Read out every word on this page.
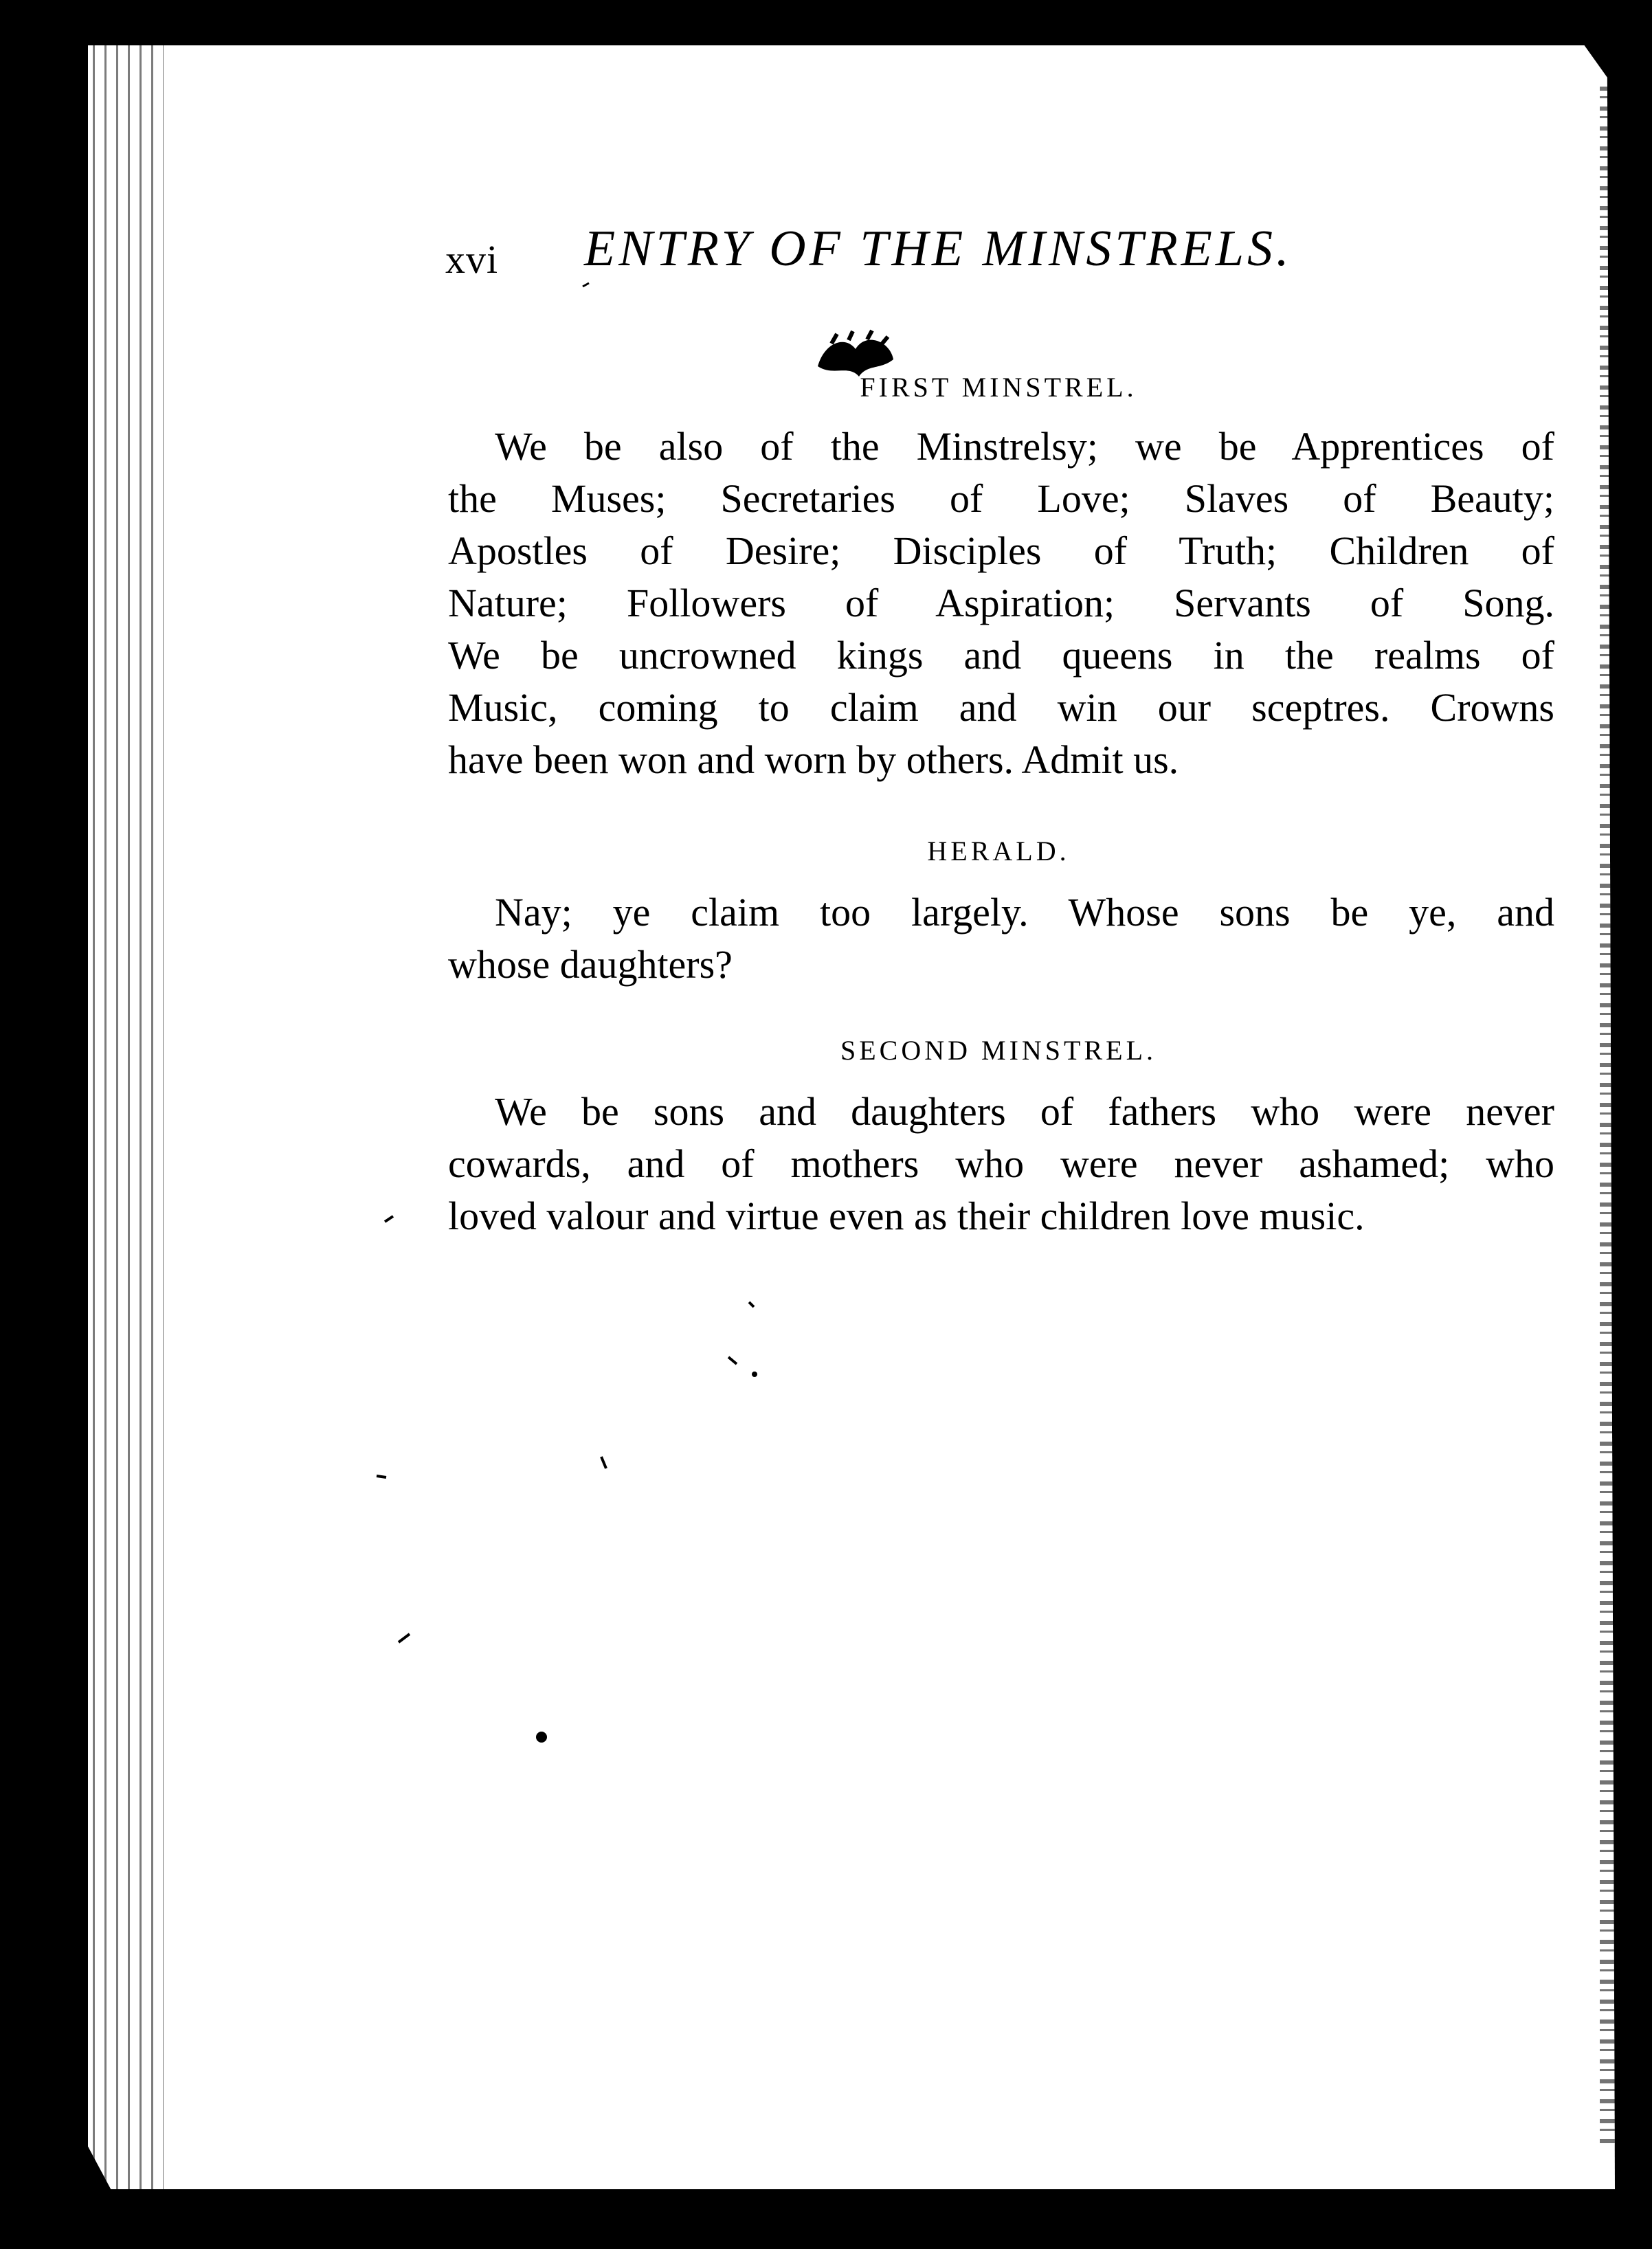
xvi ENTRY OF THE MINSTRELS.
FIRST MINSTREL.
We be also of the Minstrelsy; we be Apprentices of
the Muses; Secretaries of Love; Slaves of Beauty;
Apostles of Desire; Disciples of Truth; Children of
Nature; Followers of Aspiration; Servants of Song.
We be uncrowned kings and queens in the realms of
Music, coming to claim and win our sceptres. Crowns
have been won and worn by others. Admit us.
HERALD.
Nay; ye claim too largely. Whose sons be ye, and
whose daughters?
SECOND MINSTREL.
We be sons and daughters of fathers who were never
cowards, and of mothers who were never ashamed; who
loved valour and virtue even as their children love music.
